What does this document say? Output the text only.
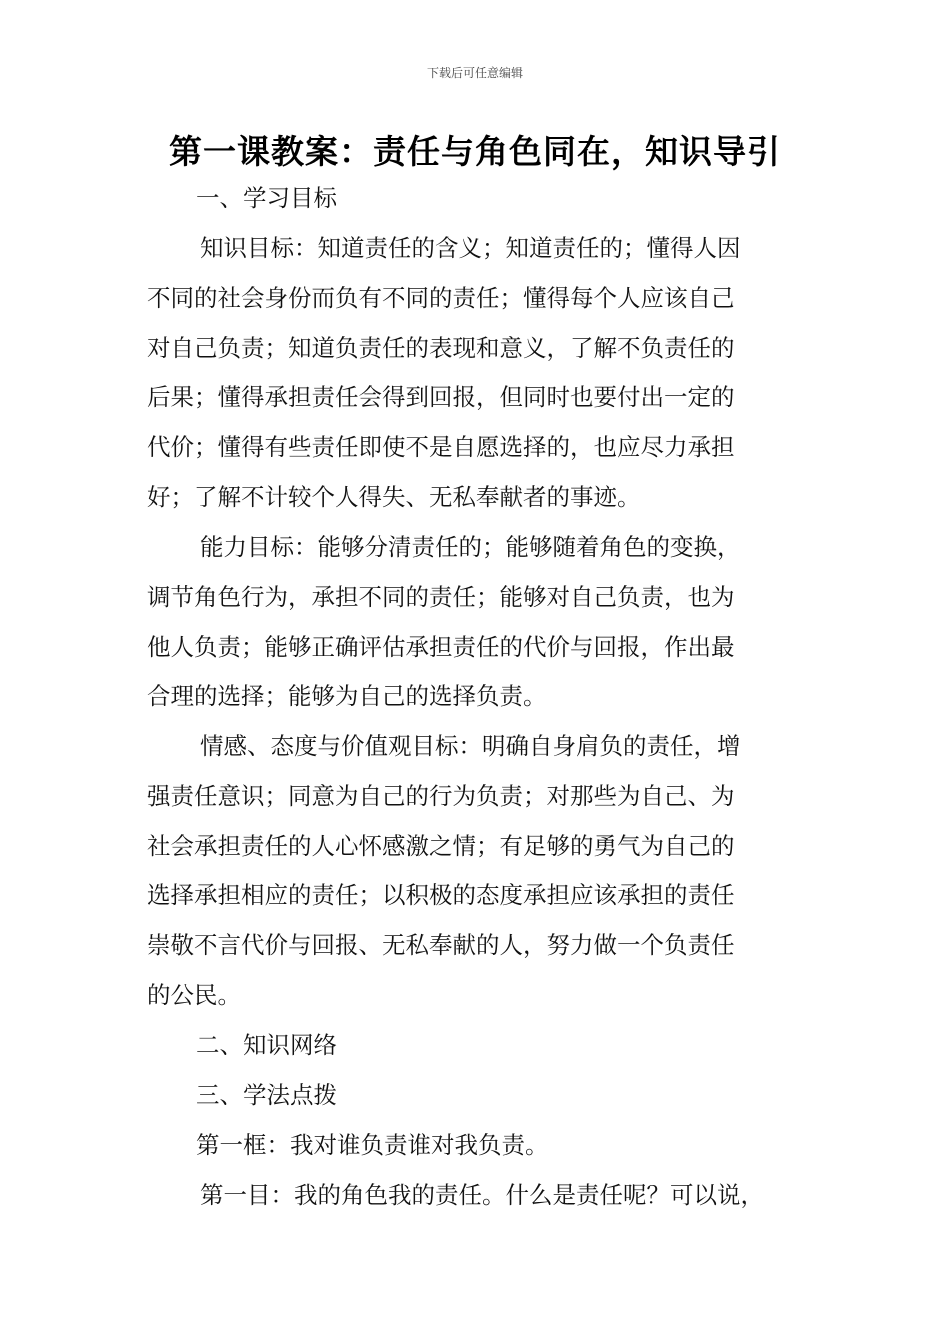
下载后可任意编辑
第一课教案：责任与角色同在，知识导引
一、学习目标
知识目标：知道责任的含义；知道责任的；懂得人因
不同的社会身份而负有不同的责任；懂得每个人应该自己
对自己负责；知道负责任的表现和意义，了解不负责任的
后果；懂得承担责任会得到回报，但同时也要付出一定的
代价；懂得有些责任即使不是自愿选择的，也应尽力承担
好；了解不计较个人得失、无私奉献者的事迹。
能力目标：能够分清责任的；能够随着角色的变换，
调节角色行为，承担不同的责任；能够对自己负责，也为
他人负责；能够正确评估承担责任的代价与回报，作出最
合理的选择；能够为自己的选择负责。
情感、态度与价值观目标：明确自身肩负的责任，增
强责任意识；同意为自己的行为负责；对那些为自己、为
社会承担责任的人心怀感激之情；有足够的勇气为自己的
选择承担相应的责任；以积极的态度承担应该承担的责任
崇敬不言代价与回报、无私奉献的人，努力做一个负责任
的公民。
二、知识网络
三、学法点拨
第一框：我对谁负责谁对我负责。
第一目：我的角色我的责任。什么是责任呢？可以说，
